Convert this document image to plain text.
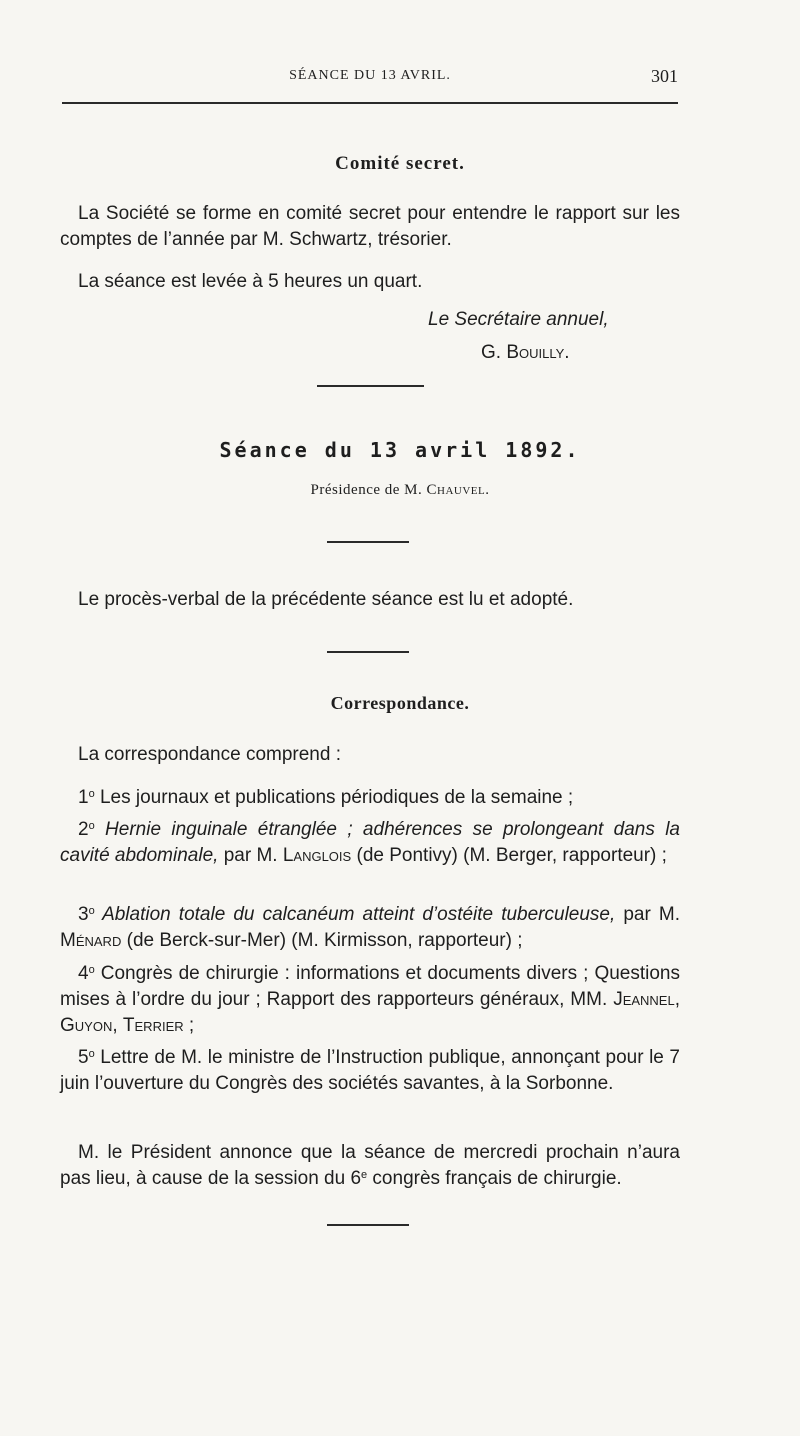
SÉANCE DU 13 AVRIL.	301
Comité secret.
La Société se forme en comité secret pour entendre le rapport sur les comptes de l’année par M. Schwartz, trésorier.
La séance est levée à 5 heures un quart.
Le Secrétaire annuel,
G. Bouilly.
Séance du 13 avril 1892.
Présidence de M. Chauvel.
Le procès-verbal de la précédente séance est lu et adopté.
Correspondance.
La correspondance comprend :
1$^o$ Les journaux et publications périodiques de la semaine ;
2$^o$ Hernie inguinale étranglée ; adhérences se prolongeant dans la cavité abdominale, par M. Langlois (de Pontivy) (M. Berger, rapporteur) ;
3$^o$ Ablation totale du calcanéum atteint d’ostéite tuberculeuse, par M. Ménard (de Berck-sur-Mer) (M. Kirmisson, rapporteur) ;
4$^o$ Congrès de chirurgie : informations et documents divers ; Questions mises à l’ordre du jour ; Rapport des rapporteurs généraux, MM. Jeannel, Guyon, Terrier ;
5$^o$ Lettre de M. le ministre de l’Instruction publique, annonçant pour le 7 juin l’ouverture du Congrès des sociétés savantes, à la Sorbonne.
M. le Président annonce que la séance de mercredi prochain n’aura pas lieu, à cause de la session du 6e congrès français de chirurgie.
